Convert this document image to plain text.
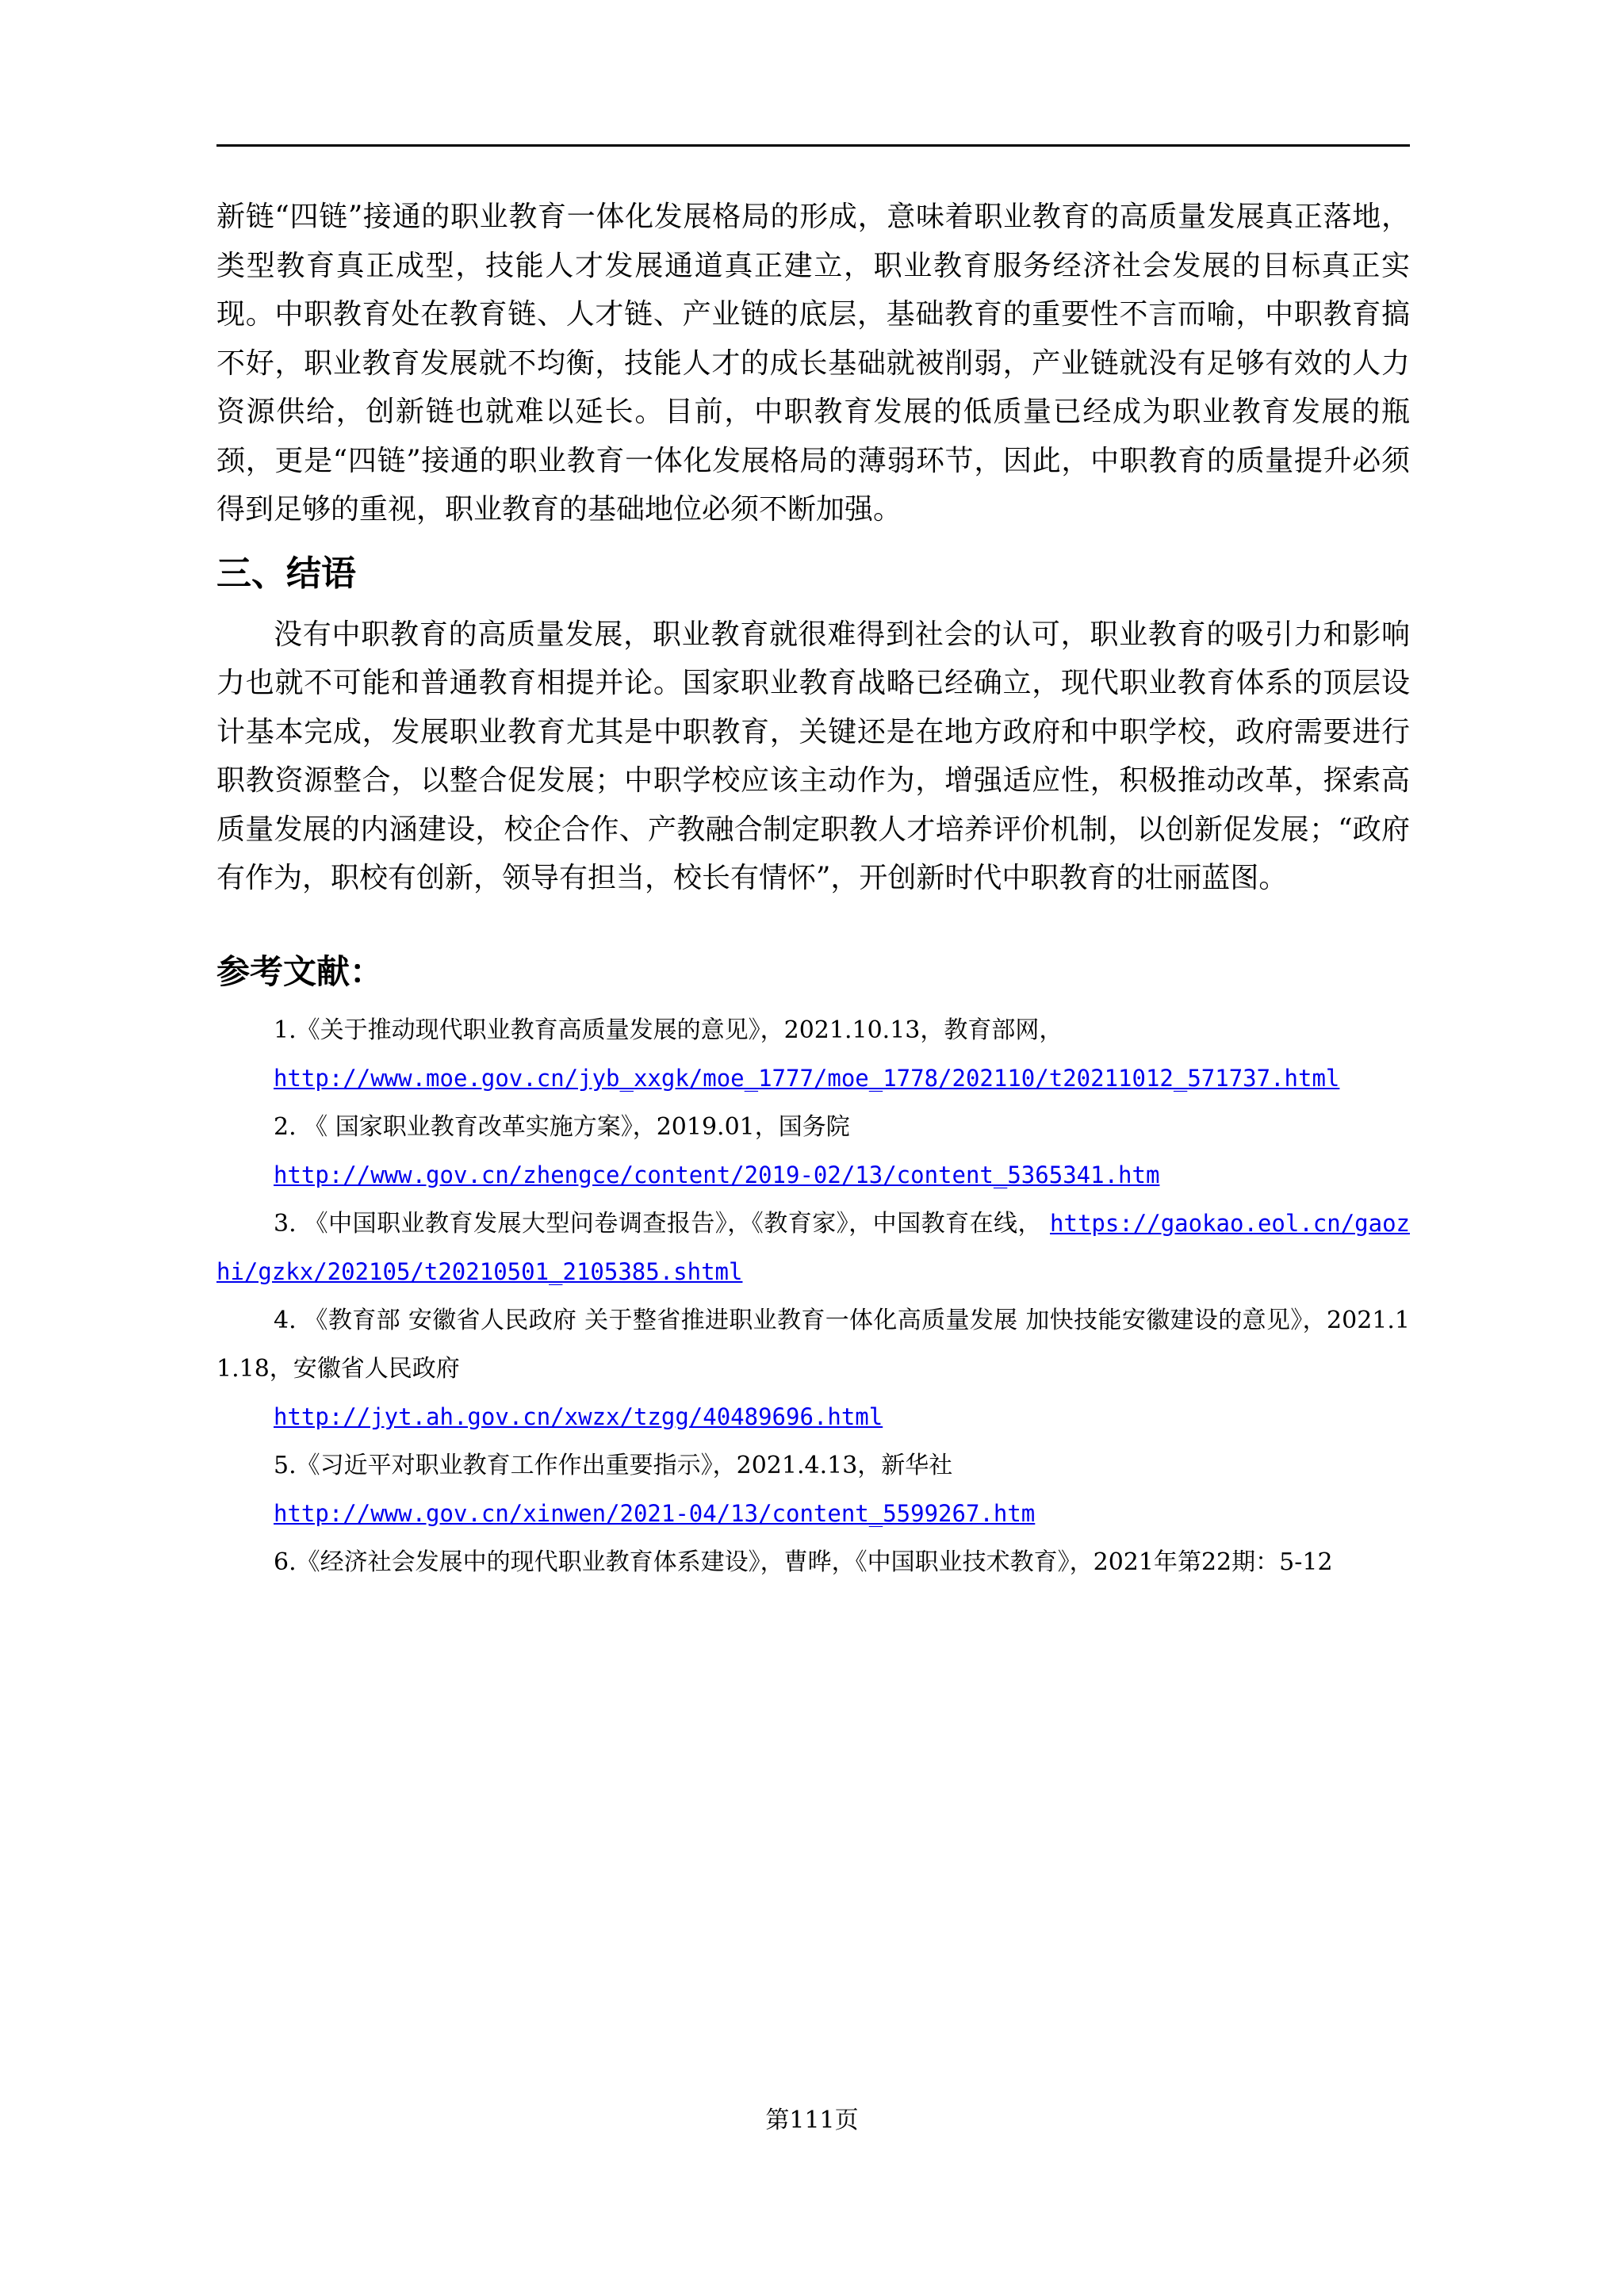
新链“四链”接通的职业教育一体化发展格局的形成，意味着职业教育的高质量发展真正落地，类型教育真正成型，技能人才发展通道真正建立，职业教育服务经济社会发展的目标真正实现。中职教育处在教育链、人才链、产业链的底层，基础教育的重要性不言而喻，中职教育搞不好，职业教育发展就不均衡，技能人才的成长基础就被削弱，产业链就没有足够有效的人力资源供给，创新链也就难以延长。目前，中职教育发展的低质量已经成为职业教育发展的瓶颈，更是“四链”接通的职业教育一体化发展格局的薄弱环节，因此，中职教育的质量提升必须得到足够的重视，职业教育的基础地位必须不断加强。

三、结语

没有中职教育的高质量发展，职业教育就很难得到社会的认可，职业教育的吸引力和影响力也就不可能和普通教育相提并论。国家职业教育战略已经确立，现代职业教育体系的顶层设计基本完成，发展职业教育尤其是中职教育，关键还是在地方政府和中职学校，政府需要进行职教资源整合，以整合促发展；中职学校应该主动作为，增强适应性，积极推动改革，探索高质量发展的内涵建设，校企合作、产教融合制定职教人才培养评价机制，以创新促发展；“政府有作为，职校有创新，领导有担当，校长有情怀”，开创新时代中职教育的壮丽蓝图。

参考文献：

1.《关于推动现代职业教育高质量发展的意见》，2021.10.13，教育部网，

http://www.moe.gov.cn/jyb_xxgk/moe_1777/moe_1778/202110/t20211012_571737.html

2. 《 国家职业教育改革实施方案》，2019.01，国务院

http://www.gov.cn/zhengce/content/2019-02/13/content_5365341.htm

3. 《中国职业教育发展大型问卷调查报告》，《教育家》，中国教育在线， https://gaokao.eol.cn/gaozhi/gzkx/202105/t20210501_2105385.shtml

4. 《教育部 安徽省人民政府 关于整省推进职业教育一体化高质量发展 加快技能安徽建设的意见》，2021.11.18，安徽省人民政府

http://jyt.ah.gov.cn/xwzx/tzgg/40489696.html

5.《习近平对职业教育工作作出重要指示》，2021.4.13，新华社

http://www.gov.cn/xinwen/2021-04/13/content_5599267.htm

6.《经济社会发展中的现代职业教育体系建设》，曹晔，《中国职业技术教育》，2021年第22期：5-12

第111页
